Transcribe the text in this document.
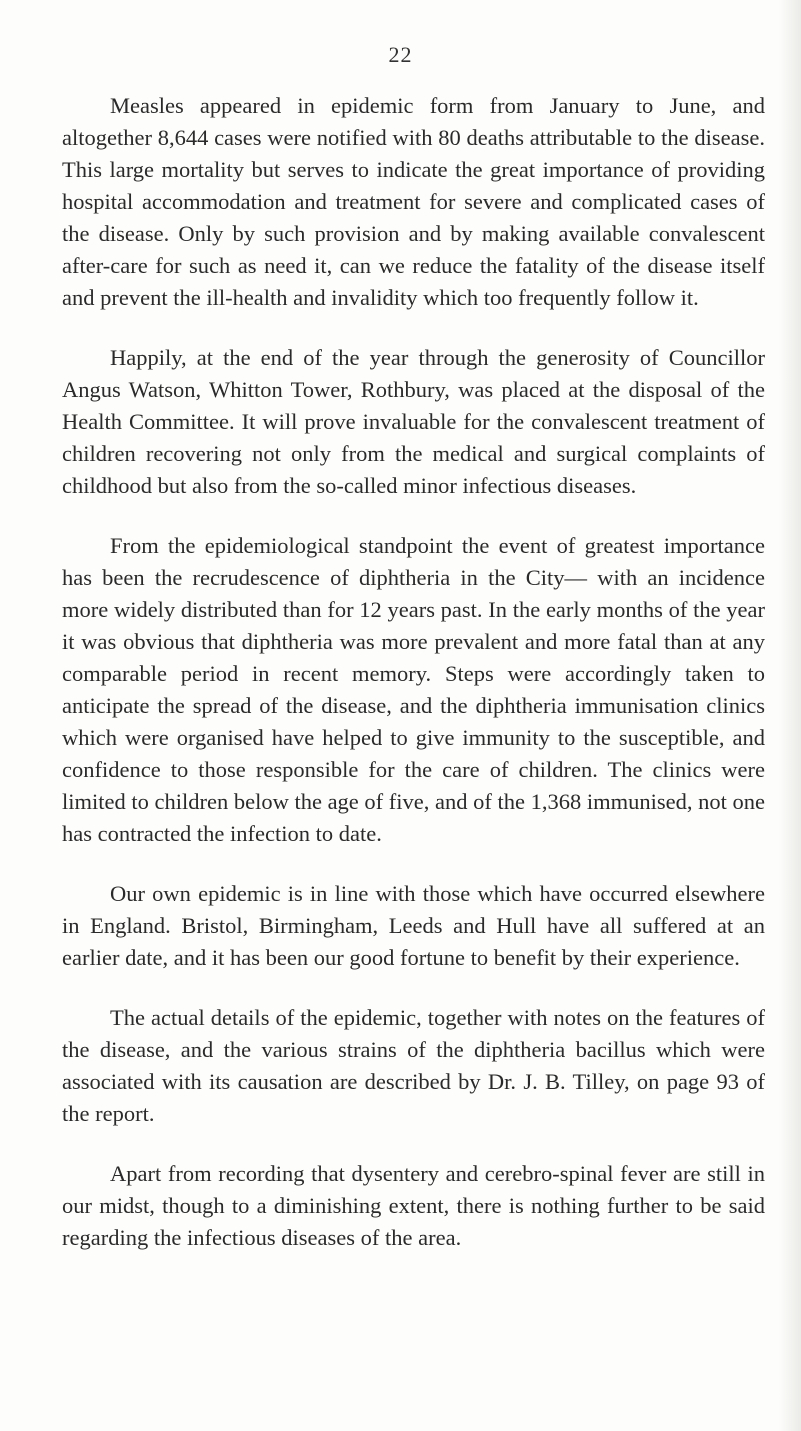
22

Measles appeared in epidemic form from January to June, and altogether 8,644 cases were notified with 80 deaths attributable to the disease. This large mortality but serves to indicate the great importance of providing hospital accommodation and treatment for severe and complicated cases of the disease. Only by such provision and by making available convalescent after-care for such as need it, can we reduce the fatality of the disease itself and prevent the ill-health and invalidity which too frequently follow it.

Happily, at the end of the year through the generosity of Councillor Angus Watson, Whitton Tower, Rothbury, was placed at the disposal of the Health Committee. It will prove invaluable for the convalescent treatment of children recovering not only from the medical and surgical complaints of childhood but also from the so-called minor infectious diseases.

From the epidemiological standpoint the event of greatest importance has been the recrudescence of diphtheria in the City— with an incidence more widely distributed than for 12 years past. In the early months of the year it was obvious that diphtheria was more prevalent and more fatal than at any comparable period in recent memory. Steps were accordingly taken to anticipate the spread of the disease, and the diphtheria immunisation clinics which were organised have helped to give immunity to the susceptible, and confidence to those responsible for the care of children. The clinics were limited to children below the age of five, and of the 1,368 immunised, not one has contracted the infection to date.

Our own epidemic is in line with those which have occurred elsewhere in England. Bristol, Birmingham, Leeds and Hull have all suffered at an earlier date, and it has been our good fortune to benefit by their experience.

The actual details of the epidemic, together with notes on the features of the disease, and the various strains of the diphtheria bacillus which were associated with its causation are described by Dr. J. B. Tilley, on page 93 of the report.

Apart from recording that dysentery and cerebro-spinal fever are still in our midst, though to a diminishing extent, there is nothing further to be said regarding the infectious diseases of the area.
